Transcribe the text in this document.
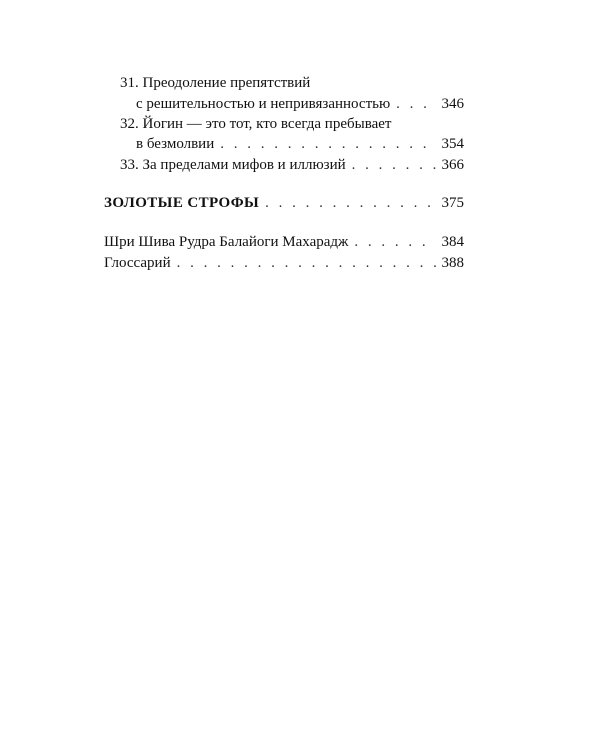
31. Преодоление препятствий
с решительностью и непривязанностью . . .	346
32. Йогин — это тот, кто всегда пребывает
в безмолвии . . .	354
33. За пределами мифов и иллюзий . . .	366
ЗОЛОТЫЕ СТРОФЫ . . .	375
Шри Шива Рудра Балайоги Махарадж . . .	384
Глоссарий . . .	388
